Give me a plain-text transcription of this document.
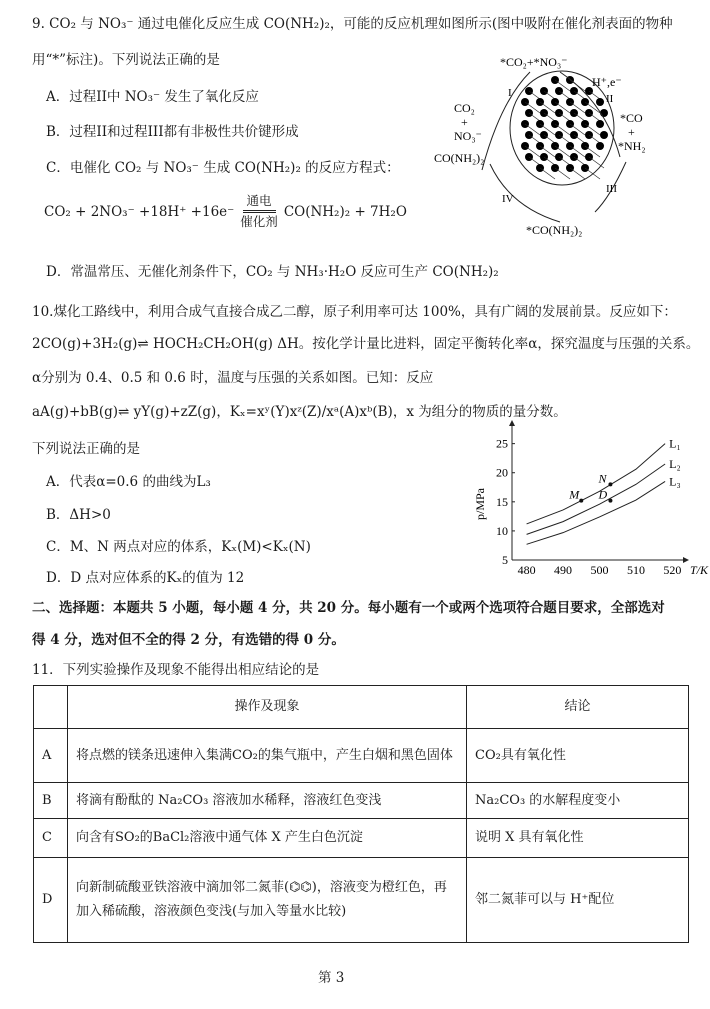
9. CO₂ 与 NO₃⁻ 通过电催化反应生成 CO(NH₂)₂，可能的反应机理如图所示(图中吸附在催化剂表面的物种
用“*”标注)。下列说法正确的是
A．过程II中 NO₃⁻ 发生了氧化反应
B．过程II和过程III都有非极性共价键形成
C．电催化 CO₂ 与 NO₃⁻ 生成 CO(NH₂)₂ 的反应方程式：
CO₂ + 2NO₃⁻ +18H⁺ +16e⁻
通电
催化剂
CO(NH₂)₂ + 7H₂O
D．常温常压、无催化剂条件下，CO₂ 与 NH₃·H₂O 反应可生产 CO(NH₂)₂
*CO₂+*NO₃⁻
H⁺,e⁻
CO₂
+
NO₃⁻
CO(NH₂)₂
*CO
+
*NH₂
*CO(NH₂)₂
I	II
III
IV
10.煤化工路线中，利用合成气直接合成乙二醇，原子利用率可达 100%，具有广阔的发展前景。反应如下：
2CO(g)+3H₂(g)⇌ HOCH₂CH₂OH(g) ΔH。按化学计量比进料，固定平衡转化率α，探究温度与压强的关系。
α分别为 0.4、0.5 和 0.6 时，温度与压强的关系如图。已知：反应
aA(g)+bB(g)⇌ yY(g)+zZ(g)，Kₓ=xʸ(Y)xᶻ(Z)/xᵃ(A)xᵇ(B)，x 为组分的物质的量分数。
下列说法正确的是
A．代表α=0.6 的曲线为L₃
B．ΔH>0
C．M、N 两点对应的体系，Kₓ(M)<Kₓ(N)
D．D 点对应体系的Kₓ的值为 12	480 490 500 510 520
5
10
15
20
25
T/K
p/MPa
L₁
L₂
L₃
M
N
D
二、选择题：本题共 5 小题，每小题 4 分，共 20 分。每小题有一个或两个选项符合题目要求，全部选对
得 4 分，选对但不全的得 2 分，有选错的得 0 分。
11．下列实验操作及现象不能得出相应结论的是
	操作及现象	结论
A	将点燃的镁条迅速伸入集满CO₂的集气瓶中，产生白烟和黑色固体	CO₂具有氧化性
B	将滴有酚酞的 Na₂CO₃ 溶液加水稀释，溶液红色变浅	Na₂CO₃ 的水解程度变小
C	向含有SO₂的BaCl₂溶液中通气体 X 产生白色沉淀	说明 X 具有氧化性
D	向新制硫酸亚铁溶液中滴加邻二氮菲(⌬⌬)，溶液变为橙红色，再加入稀硫酸，溶液颜色变浅(与加入等量水比较)	邻二氮菲可以与 H⁺配位
第 3
